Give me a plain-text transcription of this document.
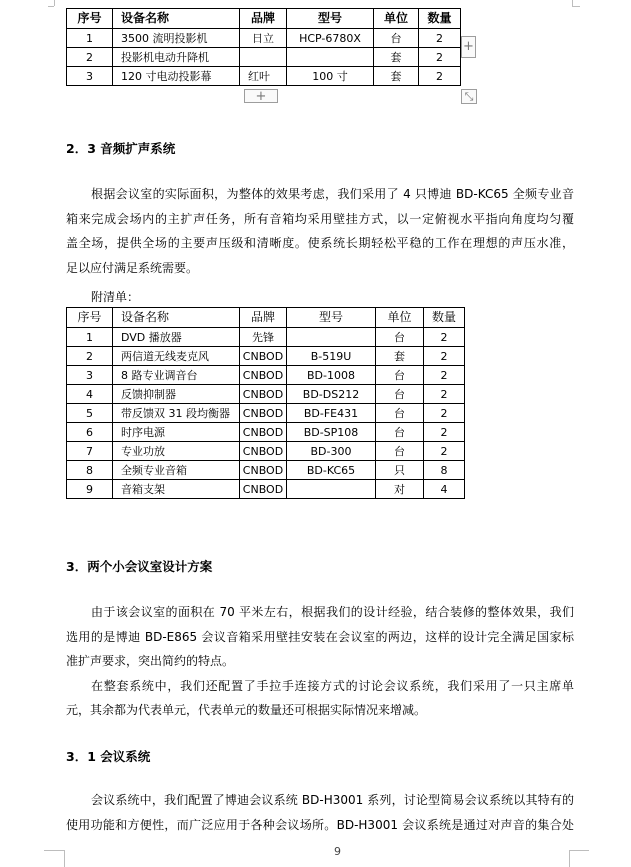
序号	设备名称	品牌	型号	单位	数量
1	3500 流明投影机	日立	HCP-6780X	台	2
2	投影机电动升降机			套	2
3	120 寸电动投影幕	红叶	100 寸	套	2
+
+	⤡
2．3 音频扩声系统
根据会议室的实际面积，为整体的效果考虑，我们采用了 4 只博迪 BD-KC65 全频专业音
箱来完成会场内的主扩声任务，所有音箱均采用壁挂方式，以一定俯视水平指向角度均匀覆
盖全场，提供全场的主要声压级和清晰度。使系统长期轻松平稳的工作在理想的声压水准，
足以应付满足系统需要。
附清单：
序号	设备名称	品牌	型号	单位	数量
1	DVD 播放器	先锋		台	2
2	两信道无线麦克风	CNBOD	B-519U	套	2
3	8 路专业调音台	CNBOD	BD-1008	台	2
4	反馈抑制器	CNBOD	BD-DS212	台	2
5	带反馈双 31 段均衡器	CNBOD	BD-FE431	台	2
6	时序电源	CNBOD	BD-SP108	台	2
7	专业功放	CNBOD	BD-300	台	2
8	全频专业音箱	CNBOD	BD-KC65	只	8
9	音箱支架	CNBOD		对	4
3．两个小会议室设计方案
由于该会议室的面积在 70 平米左右，根据我们的设计经验，结合装修的整体效果，我们
选用的是博迪 BD-E865 会议音箱采用壁挂安装在会议室的两边，这样的设计完全满足国家标
准扩声要求，突出简约的特点。
在整套系统中，我们还配置了手拉手连接方式的讨论会议系统，我们采用了一只主席单
元，其余都为代表单元，代表单元的数量还可根据实际情况来增减。
3．1 会议系统
会议系统中，我们配置了博迪会议系统 BD-H3001 系列，讨论型简易会议系统以其特有的
使用功能和方便性，而广泛应用于各种会议场所。BD-H3001 会议系统是通过对声音的集合处
9
